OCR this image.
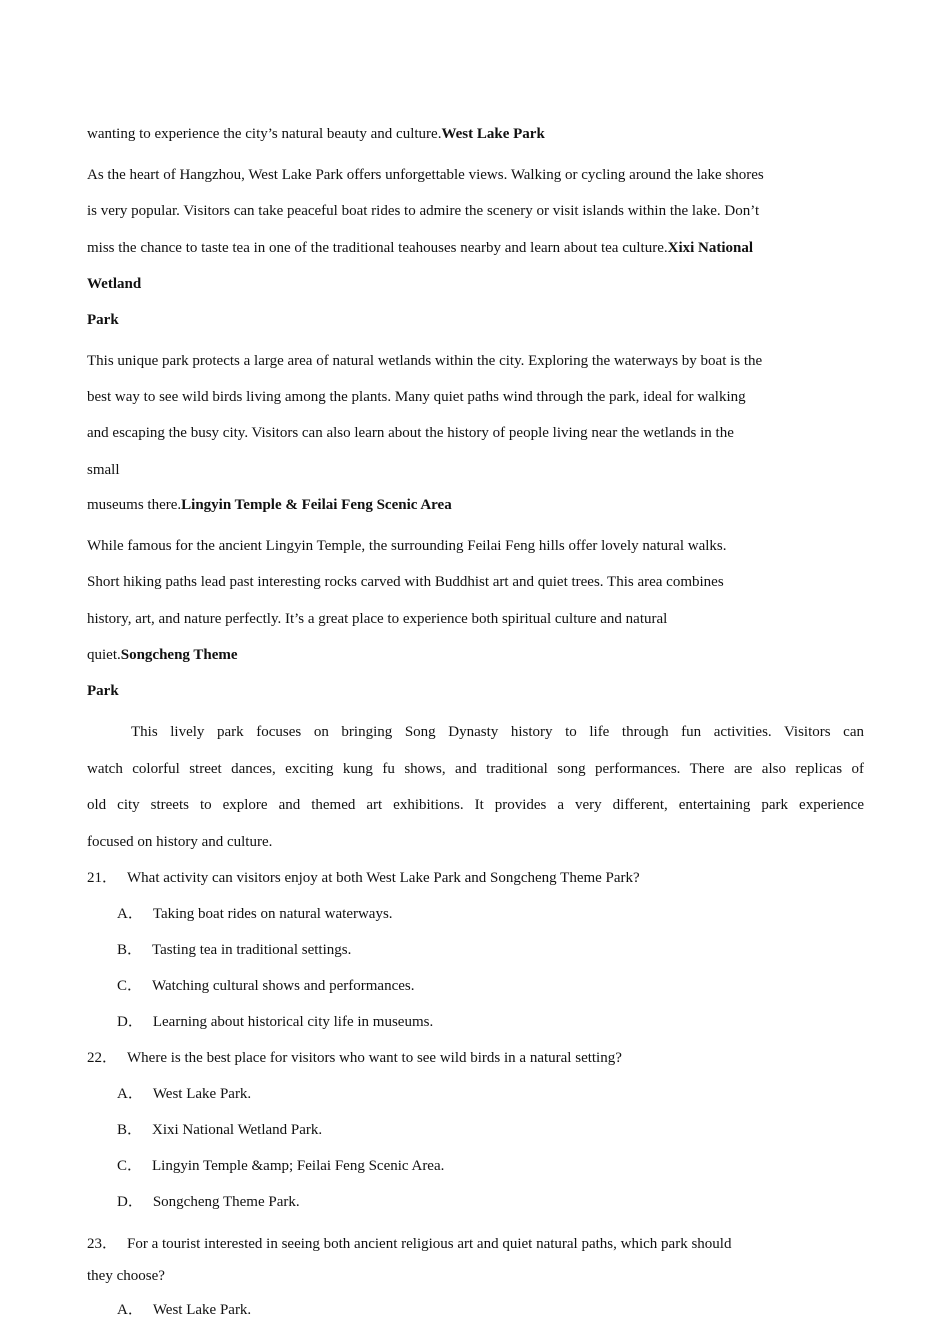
wanting to experience the city’s natural beauty and culture.West Lake Park
As the heart of Hangzhou, West Lake Park offers unforgettable views. Walking or cycling around the lake shores
is very popular. Visitors can take peaceful boat rides to admire the scenery or visit islands within the lake. Don’t
miss the chance to taste tea in one of the traditional teahouses nearby and learn about tea culture.Xixi National
Wetland
Park
This unique park protects a large area of natural wetlands within the city. Exploring the waterways by boat is the
best way to see wild birds living among the plants. Many quiet paths wind through the park, ideal for walking
and escaping the busy city. Visitors can also learn about the history of people living near the wetlands in the
small
museums there.Lingyin Temple & Feilai Feng Scenic Area
While famous for the ancient Lingyin Temple, the surrounding Feilai Feng hills offer lovely natural walks.
Short hiking paths lead past interesting rocks carved with Buddhist art and quiet trees. This area combines
history, art, and nature perfectly. It’s a great place to experience both spiritual culture and natural
quiet.Songcheng Theme
Park
This lively park focuses on bringing Song Dynasty history to life through fun activities. Visitors can
watch colorful street dances, exciting kung fu shows, and traditional song performances. There are also replicas of
old city streets to explore and themed art exhibitions. It provides a very different, entertaining park experience
focused on history and culture.
21． What activity can visitors enjoy at both West Lake Park and Songcheng Theme Park?
A． Taking boat rides on natural waterways.
B． Tasting tea in traditional settings.
C． Watching cultural shows and performances.
D． Learning about historical city life in museums.
22． Where is the best place for visitors who want to see wild birds in a natural setting?
A． West Lake Park.
B． Xixi National Wetland Park.
C． Lingyin Temple &amp; Feilai Feng Scenic Area.
D． Songcheng Theme Park.
23． For a tourist interested in seeing both ancient religious art and quiet natural paths, which park should
they choose?
A． West Lake Park.
